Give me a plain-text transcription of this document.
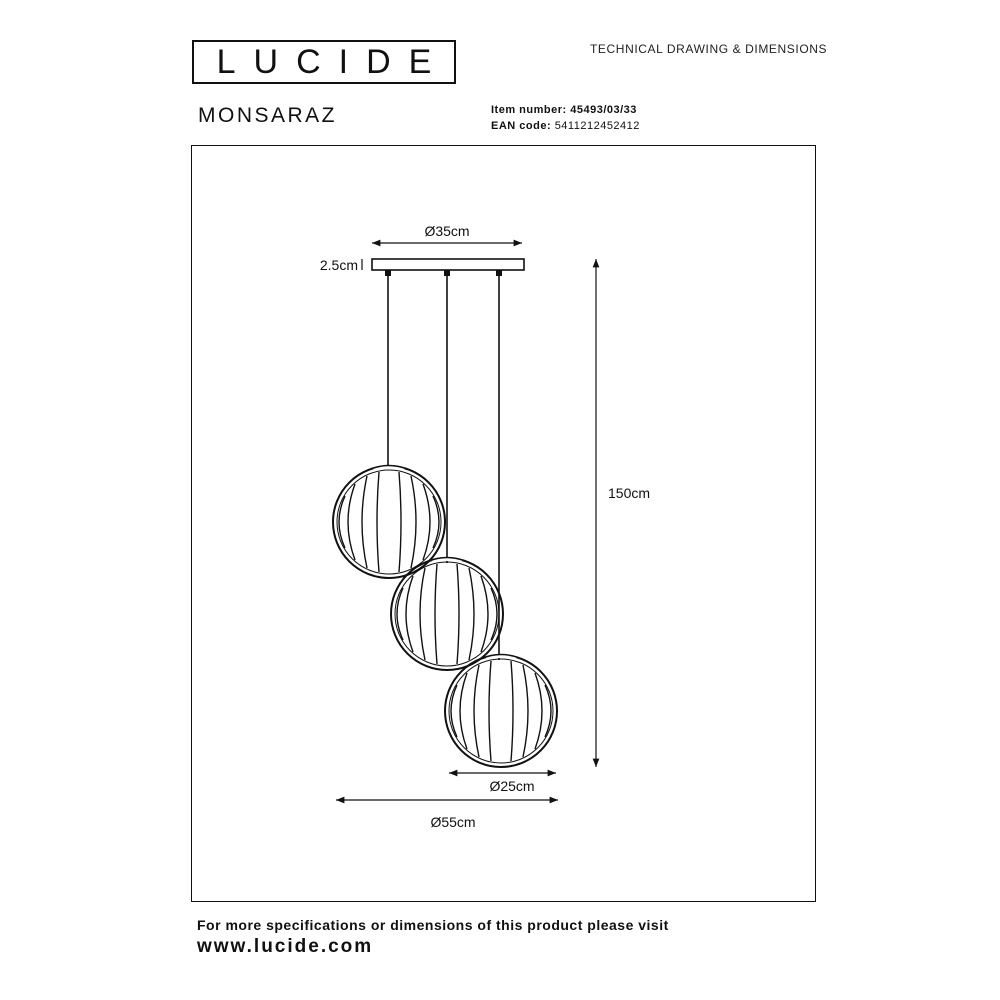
LUCIDE	TECHNICAL DRAWING & DIMENSIONS
MONSARAZ	Item number: 45493/03/33
EAN code: 5411212452412
Ø35cm
2.5cm
150cm
Ø25cm
Ø55cm
For more specifications or dimensions of this product please visit
www.lucide.com
